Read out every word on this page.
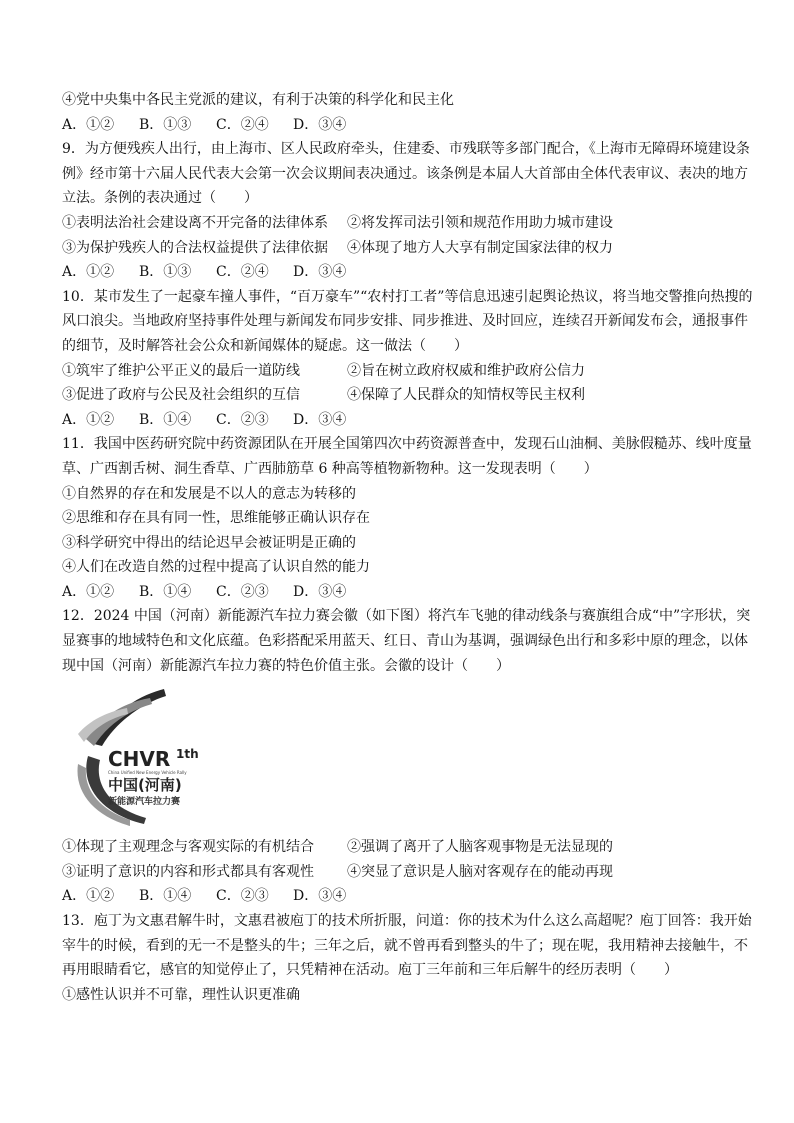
④党中央集中各民主党派的建议，有利于决策的科学化和民主化
A．①②	B．①③	C．②④	D．③④
9．为方便残疾人出行，由上海市、区人民政府牵头，住建委、市残联等多部门配合，《上海市无障碍环境建设条例》经市第十六届人民代表大会第一次会议期间表决通过。该条例是本届人大首部由全体代表审议、表决的地方立法。条例的表决通过（　　）
①表明法治社会建设离不开完备的法律体系	②将发挥司法引领和规范作用助力城市建设
③为保护残疾人的合法权益提供了法律依据	④体现了地方人大享有制定国家法律的权力
A．①②	B．①③	C．②④	D．③④
10．某市发生了一起豪车撞人事件，“百万豪车”“农村打工者”等信息迅速引起舆论热议，将当地交警推向热搜的风口浪尖。当地政府坚持事件处理与新闻发布同步安排、同步推进、及时回应，连续召开新闻发布会，通报事件的细节，及时解答社会公众和新闻媒体的疑虑。这一做法（　　）
①筑牢了维护公平正义的最后一道防线	②旨在树立政府权威和维护政府公信力
③促进了政府与公民及社会组织的互信	④保障了人民群众的知情权等民主权利
A．①②	B．①④	C．②③	D．③④
11．我国中医药研究院中药资源团队在开展全国第四次中药资源普查中，发现石山油桐、美脉假糙苏、线叶度量草、广西割舌树、洞生香草、广西肺筋草 6 种高等植物新物种。这一发现表明（　　）
①自然界的存在和发展是不以人的意志为转移的
②思维和存在具有同一性，思维能够正确认识存在
③科学研究中得出的结论迟早会被证明是正确的
④人们在改造自然的过程中提高了认识自然的能力
A．①②	B．①④	C．②③	D．③④
12．2024 中国（河南）新能源汽车拉力赛会徽（如下图）将汽车飞驰的律动线条与赛旗组合成“中”字形状，突显赛事的地域特色和文化底蕴。色彩搭配采用蓝天、红日、青山为基调，强调绿色出行和多彩中原的理念，以体现中国（河南）新能源汽车拉力赛的特色价值主张。会徽的设计（　　）
CHVR 1th
China Unified New Energy Vehicle Rally
中国(河南)
新能源汽车拉力赛
①体现了主观理念与客观实际的有机结合	②强调了离开了人脑客观事物是无法显现的
③证明了意识的内容和形式都具有客观性	④突显了意识是人脑对客观存在的能动再现
A．①②	B．①④	C．②③	D．③④
13．庖丁为文惠君解牛时，文惠君被庖丁的技术所折服，问道：你的技术为什么这么高超呢？庖丁回答：我开始宰牛的时候，看到的无一不是整头的牛；三年之后，就不曾再看到整头的牛了；现在呢，我用精神去接触牛，不再用眼睛看它，感官的知觉停止了，只凭精神在活动。庖丁三年前和三年后解牛的经历表明（　　）
①感性认识并不可靠，理性认识更准确
